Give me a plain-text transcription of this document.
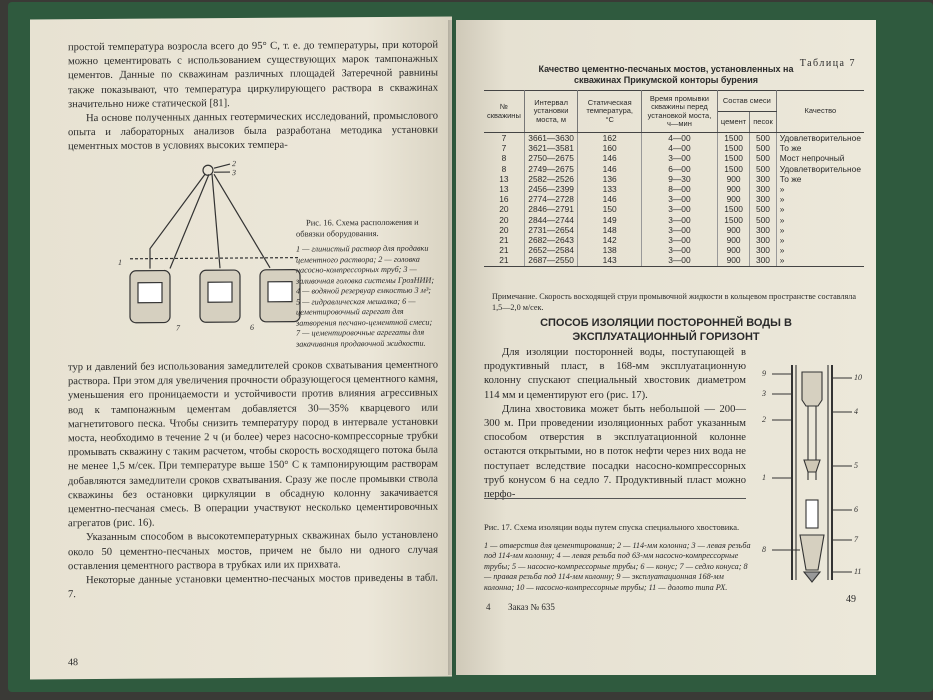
простой температура возросла всего до 95° С, т. е. до температуры, при которой можно цементировать с использованием существующих марок тампонажных цементов. Данные по скважинам различных площадей Затеречной равнины также показывают, что температура циркулирующего раствора в скважинах значительно ниже статической [81].

На основе полученных данных геотермических исследований, промыслового опыта и лабораторных анализов была разработана методика установки цементных мостов в условиях высоких темпера-

2
3
1
7	6
Рис. 16. Схема расположения и обвязки оборудования.
1 — глинистый раствор для продавки цементного раствора; 2 — головка насосно-компрессорных труб; 3 — заливочная головка системы ГрозНИИ; 4 — водяной резервуар емкостью 3 м³; 5 — гидравлическая мешалка; 6 — цементировочный агрегат для затворения песчано-цементной смеси; 7 — цементировочные агрегаты для закачивания продавочной жидкости.

тур и давлений без использования замедлителей сроков схватывания цементного раствора. При этом для увеличения прочности образующегося цементного камня, уменьшения его проницаемости и устойчивости против влияния агрессивных вод к тампонажным цементам добавляется 30—35% кварцевого или магнетитового песка. Чтобы снизить температуру пород в интервале установки моста, необходимо в течение 2 ч (и более) через насосно-компрессорные трубки промывать скважину с таким расчетом, чтобы скорость восходящего потока была не менее 1,5 м/сек. При температуре выше 150° С к тампонирующим растворам добавляются замедлители сроков схватывания. Сразу же после промывки ствола скважины без остановки циркуляции в обсадную колонну закачивается цементно-песчаная смесь. В операции участвуют несколько цементировочных агрегатов (рис. 16).

Указанным способом в высокотемпературных скважинах было установлено около 50 цементно-песчаных мостов, причем не было ни одного случая оставления цементного раствора в трубках или их прихвата.

Некоторые данные установки цементно-песчаных мостов приведены в табл. 7.

48
Таблица 7
Качество цементно-песчаных мостов, установленных на скважинах Прикумской конторы бурения
№ скважины	Интервал установки моста, м	Статическая температура, °С	Время промывки скважины перед установкой моста, ч—мин	Состав смеси		Качество
				цемент	песок	
7	3661—3630	162	4—00	1500	500	Удовлетворительное
7	3621—3581	160	4—00	1500	500	То же
8	2750—2675	146	3—00	1500	500	Мост непрочный
8	2749—2675	146	6—00	1500	500	Удовлетворительное
13	2582—2526	136	9—30	900	300	То же
13	2456—2399	133	8—00	900	300	»
16	2774—2728	146	3—00	900	300	»
20	2846—2791	150	3—00	1500	500	»
20	2844—2744	149	3—00	1500	500	»
20	2731—2654	148	3—00	900	300	»
21	2682—2643	142	3—00	900	300	»
21	2652—2584	138	3—00	900	300	»
21	2687—2550	143	3—00	900	300	»
Примечание. Скорость восходящей струи промывочной жидкости в кольцевом пространстве составляла 1,5—2,0 м/сек.
СПОСОБ ИЗОЛЯЦИИ ПОСТОРОННЕЙ ВОДЫ В ЭКСПЛУАТАЦИОННЫЙ ГОРИЗОНТ

Для изоляции посторонней воды, поступающей в продуктивный пласт, в 168-мм эксплуатационную колонну спускают специальный хвостовик диаметром 114 мм и цементируют его (рис. 17).

Длина хвостовика может быть небольшой — 200—300 м. При проведении изоляционных работ указанным способом отверстия в эксплуатационной колонне остаются открытыми, но в поток нефти через них вода не поступает вследствие посадки насосно-компрессорных труб конусом 6 на седло 7. Продуктивный пласт можно перфо-

9	10
4
3
2
1
5
6
7
8
11
Рис. 17. Схема изоляции воды путем спуска специального хвостовика.
1 — отверстия для цементирования; 2 — 114-мм колонна; 3 — левая резьба под 114-мм колонну; 4 — левая резьба под 63-мм насосно-компрессорные трубы; 5 — насосно-компрессорные трубы; 6 — конус; 7 — седло конуса; 8 — правая резьба под 114-мм колонну; 9 — эксплуатационная 168-мм колонна; 10 — насосно-компрессорные трубы; 11 — долото типа РХ.
4 Заказ № 635
49
